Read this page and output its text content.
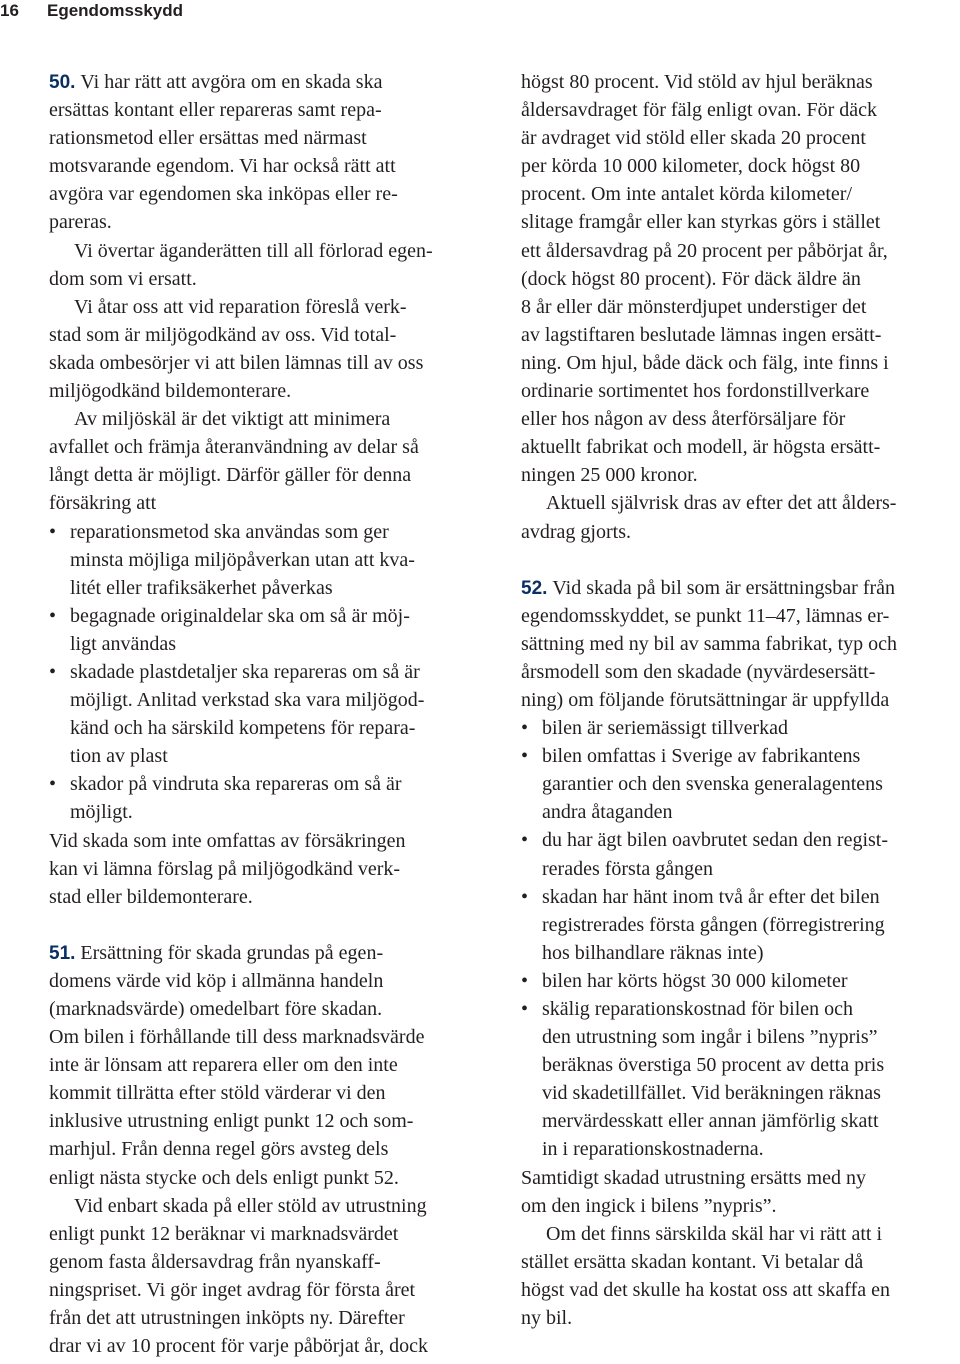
16 Egendomsskydd
50. Vi har rätt att avgöra om en skada ska
ersättas kontant eller repareras samt repa-
rationsmetod eller ersättas med närmast
motsvarande egendom. Vi har också rätt att
avgöra var egendomen ska inköpas eller re-
pareras.
Vi övertar äganderätten till all förlorad egen-
dom som vi ersatt.
Vi åtar oss att vid reparation föreslå verk-
stad som är miljögodkänd av oss. Vid total-
skada ombesörjer vi att bilen lämnas till av oss
miljögodkänd bildemonterare.
Av miljöskäl är det viktigt att minimera
avfallet och främja återanvändning av delar så
långt detta är möjligt. Därför gäller för denna
försäkring att
• reparationsmetod ska användas som ger
minsta möjliga miljöpåverkan utan att kva-
litét eller trafiksäkerhet påverkas
• begagnade originaldelar ska om så är möj-
ligt användas
• skadade plastdetaljer ska repareras om så är
möjligt. Anlitad verkstad ska vara miljögod-
känd och ha särskild kompetens för repara-
tion av plast
• skador på vindruta ska repareras om så är
möjligt.
Vid skada som inte omfattas av försäkringen
kan vi lämna förslag på miljögodkänd verk-
stad eller bildemonterare.
51. Ersättning för skada grundas på egen-
domens värde vid köp i allmänna handeln
(marknadsvärde) omedelbart före skadan.
Om bilen i förhållande till dess marknadsvärde
inte är lönsam att reparera eller om den inte
kommit tillrätta efter stöld värderar vi den
inklusive utrustning enligt punkt 12 och som-
marhjul. Från denna regel görs avsteg dels
enligt nästa stycke och dels enligt punkt 52.
Vid enbart skada på eller stöld av utrustning
enligt punkt 12 beräknar vi marknadsvärdet
genom fasta åldersavdrag från nyanskaff-
ningspriset. Vi gör inget avdrag för första året
från det att utrustningen inköpts ny. Därefter
drar vi av 10 procent för varje påbörjat år, dock
högst 80 procent. Vid stöld av hjul beräknas
åldersavdraget för fälg enligt ovan. För däck
är avdraget vid stöld eller skada 20 procent
per körda 10 000 kilometer, dock högst 80
procent. Om inte antalet körda kilometer/
slitage framgår eller kan styrkas görs i stället
ett åldersavdrag på 20 procent per påbörjat år,
(dock högst 80 procent). För däck äldre än
8 år eller där mönsterdjupet understiger det
av lagstiftaren beslutade lämnas ingen ersätt-
ning. Om hjul, både däck och fälg, inte finns i
ordinarie sortimentet hos fordonstillverkare
eller hos någon av dess återförsäljare för
aktuellt fabrikat och modell, är högsta ersätt-
ningen 25 000 kronor.
Aktuell självrisk dras av efter det att ålders-
avdrag gjorts.
52. Vid skada på bil som är ersättningsbar från
egendomsskyddet, se punkt 11–47, lämnas er-
sättning med ny bil av samma fabrikat, typ och
årsmodell som den skadade (nyvärdesersätt-
ning) om följande förutsättningar är uppfyllda
• bilen är seriemässigt tillverkad
• bilen omfattas i Sverige av fabrikantens
garantier och den svenska generalagentens
andra åtaganden
• du har ägt bilen oavbrutet sedan den regist-
rerades första gången
• skadan har hänt inom två år efter det bilen
registrerades första gången (förregistrering
hos bilhandlare räknas inte)
• bilen har körts högst 30 000 kilometer
• skälig reparationskostnad för bilen och
den utrustning som ingår i bilens ”nypris”
beräknas överstiga 50 procent av detta pris
vid skadetillfället. Vid beräkningen räknas
mervärdesskatt eller annan jämförlig skatt
in i reparationskostnaderna.
Samtidigt skadad utrustning ersätts med ny
om den ingick i bilens ”nypris”.
Om det finns särskilda skäl har vi rätt att i
stället ersätta skadan kontant. Vi betalar då
högst vad det skulle ha kostat oss att skaffa en
ny bil.
